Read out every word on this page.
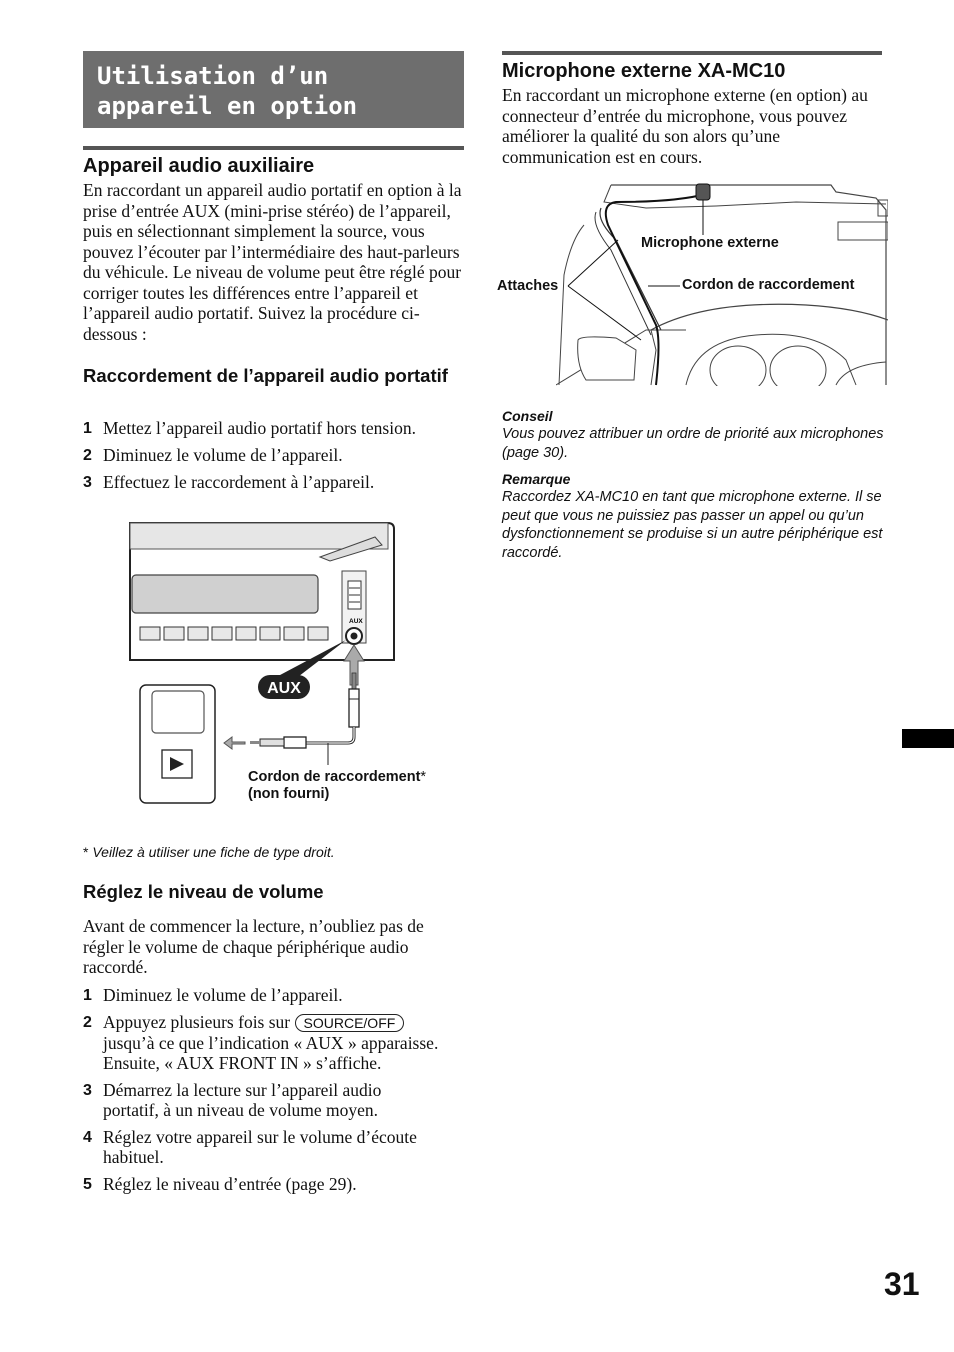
Utilisation d’un appareil en option
Appareil audio auxiliaire
En raccordant un appareil audio portatif en option à la prise d’entrée AUX (mini-prise stéréo) de l’appareil, puis en sélectionnant simplement la source, vous pouvez l’écouter par l’intermédiaire des haut-parleurs du véhicule. Le niveau de volume peut être réglé pour corriger toutes les différences entre l’appareil et l’appareil audio portatif. Suivez la procédure ci-dessous :
Raccordement de l’appareil audio portatif
1 Mettez l’appareil audio portatif hors tension.
2 Diminuez le volume de l’appareil.
3 Effectuez le raccordement à l’appareil.
AUX
AUX
Cordon de raccordement*
(non fourni)
* Veillez à utiliser une fiche de type droit.
Réglez le niveau de volume
Avant de commencer la lecture, n’oubliez pas de régler le volume de chaque périphérique audio raccordé.
1 Diminuez le volume de l’appareil.
2 Appuyez plusieurs fois sur SOURCE/OFF jusqu’à ce que l’indication « AUX » apparaisse.
Ensuite, « AUX FRONT IN » s’affiche.
3 Démarrez la lecture sur l’appareil audio portatif, à un niveau de volume moyen.
4 Réglez votre appareil sur le volume d’écoute habituel.
5 Réglez le niveau d’entrée (page 29).
Microphone externe XA-MC10
En raccordant un microphone externe (en option) au connecteur d’entrée du microphone, vous pouvez améliorer la qualité du son alors qu’une communication est en cours.
Microphone externe
Attaches	Cordon de raccordement
Conseil
Vous pouvez attribuer un ordre de priorité aux microphones (page 30).
Remarque
Raccordez XA-MC10 en tant que microphone externe. Il se peut que vous ne puissiez pas passer un appel ou qu’un dysfonctionnement se produise si un autre périphérique est raccordé.
31
